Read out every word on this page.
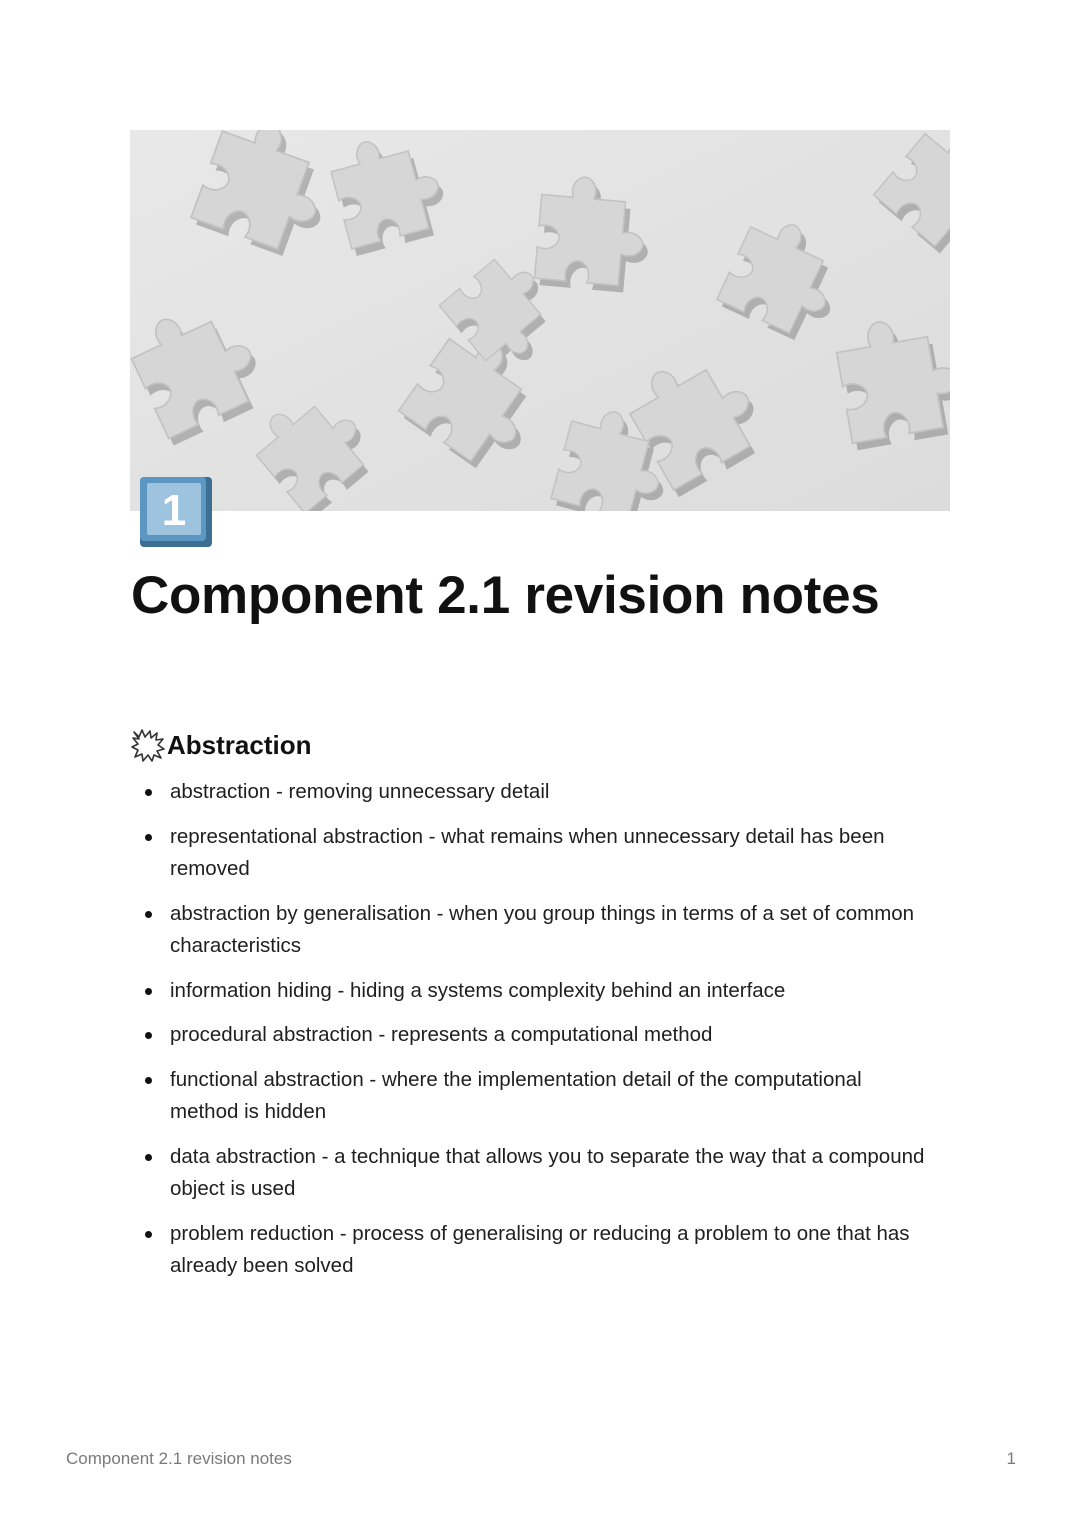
1
Component 2.1 revision notes
Abstraction
abstraction - removing unnecessary detail
representational abstraction - what remains when unnecessary detail has been removed
abstraction by generalisation - when you group things in terms of a set of common characteristics
information hiding - hiding a systems complexity behind an interface
procedural abstraction - represents a computational method
functional abstraction - where the implementation detail of the computational method is hidden
data abstraction - a technique that allows you to separate the way that a compound object is used
problem reduction - process of generalising or reducing a problem to one that has already been solved
Component 2.1 revision notes	1
